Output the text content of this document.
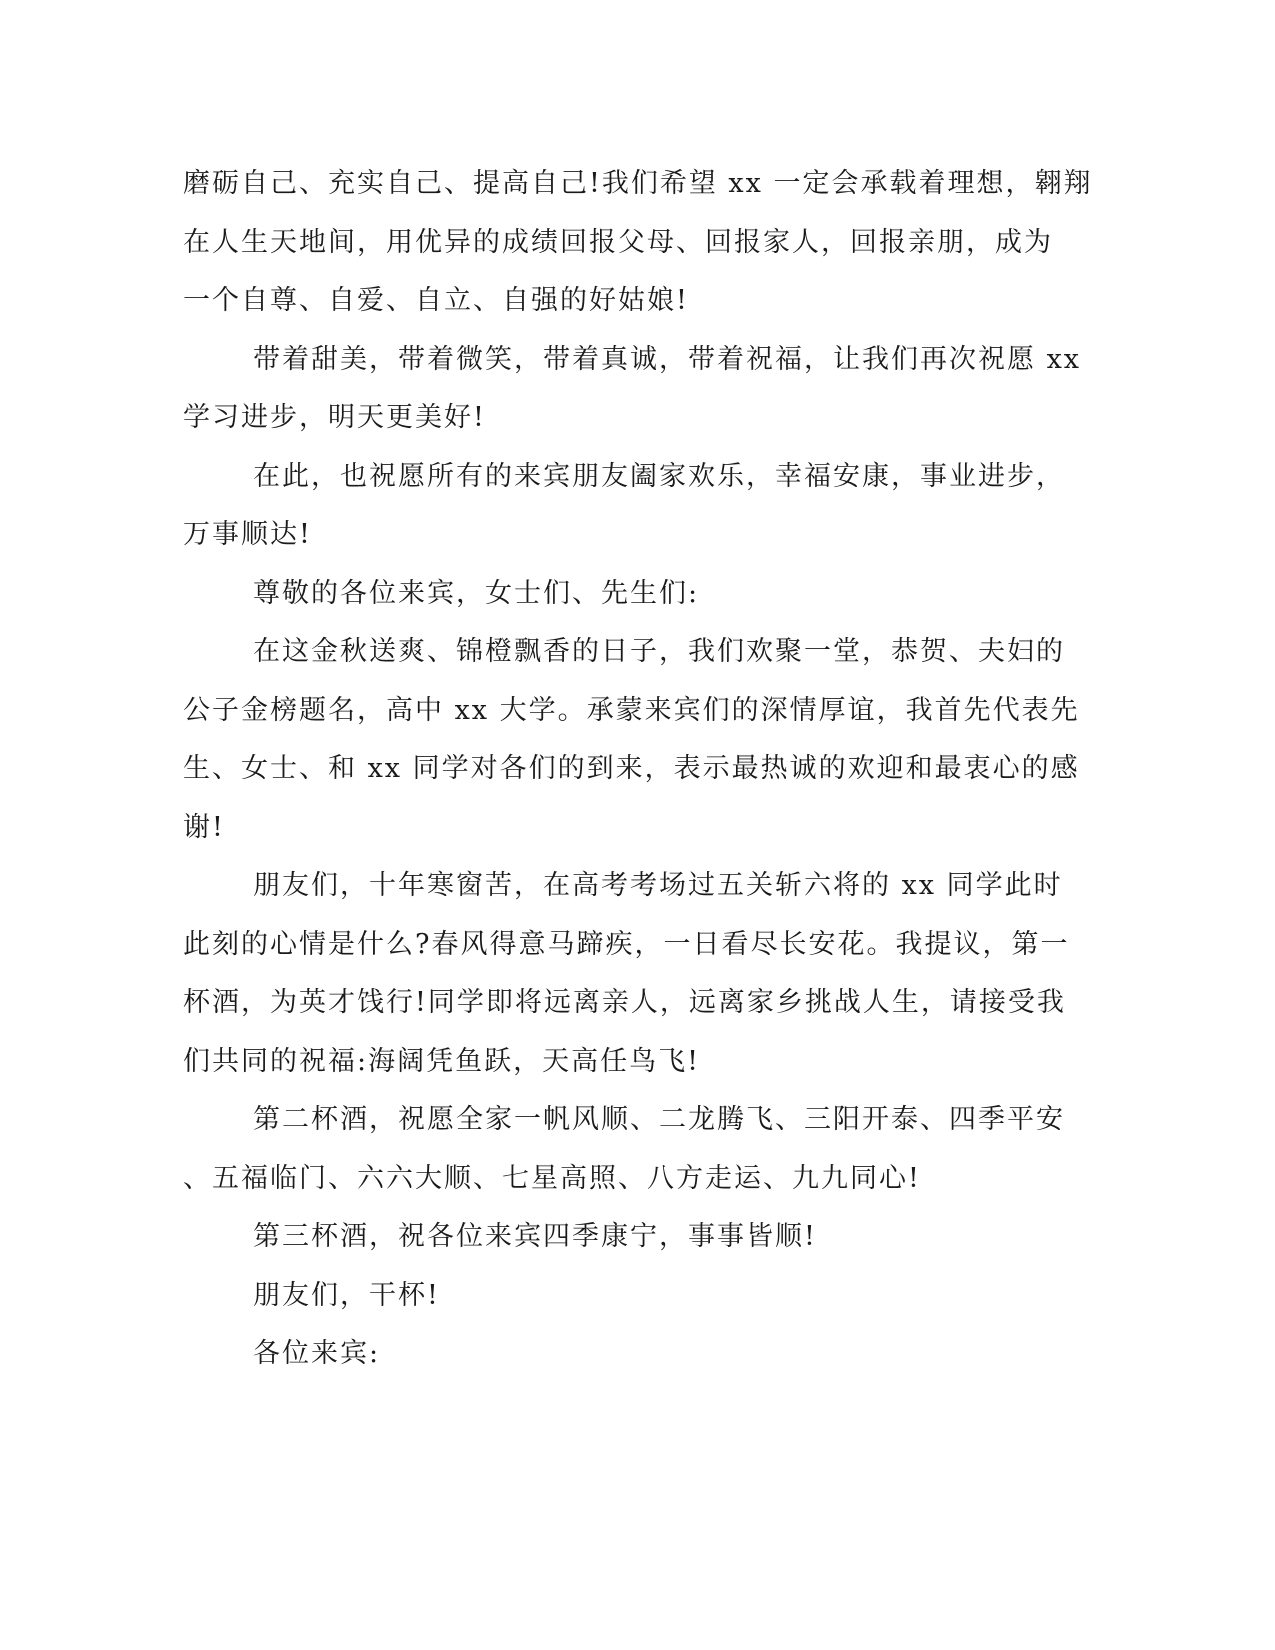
磨砺自己、充实自己、提高自己!我们希望 xx 一定会承载着理想，翱翔
在人生天地间，用优异的成绩回报父母、回报家人，回报亲朋，成为
一个自尊、自爱、自立、自强的好姑娘!
带着甜美，带着微笑，带着真诚，带着祝福，让我们再次祝愿 xx
学习进步，明天更美好!
在此，也祝愿所有的来宾朋友阖家欢乐，幸福安康，事业进步，
万事顺达!
尊敬的各位来宾，女士们、先生们:
在这金秋送爽、锦橙飘香的日子，我们欢聚一堂，恭贺、夫妇的
公子金榜题名，高中 xx 大学。承蒙来宾们的深情厚谊，我首先代表先
生、女士、和 xx 同学对各们的到来，表示最热诚的欢迎和最衷心的感
谢!
朋友们，十年寒窗苦，在高考考场过五关斩六将的 xx 同学此时
此刻的心情是什么?春风得意马蹄疾，一日看尽长安花。我提议，第一
杯酒，为英才饯行!同学即将远离亲人，远离家乡挑战人生，请接受我
们共同的祝福:海阔凭鱼跃，天高任鸟飞!
第二杯酒，祝愿全家一帆风顺、二龙腾飞、三阳开泰、四季平安
、五福临门、六六大顺、七星高照、八方走运、九九同心!
第三杯酒，祝各位来宾四季康宁，事事皆顺!
朋友们，干杯!
各位来宾:
